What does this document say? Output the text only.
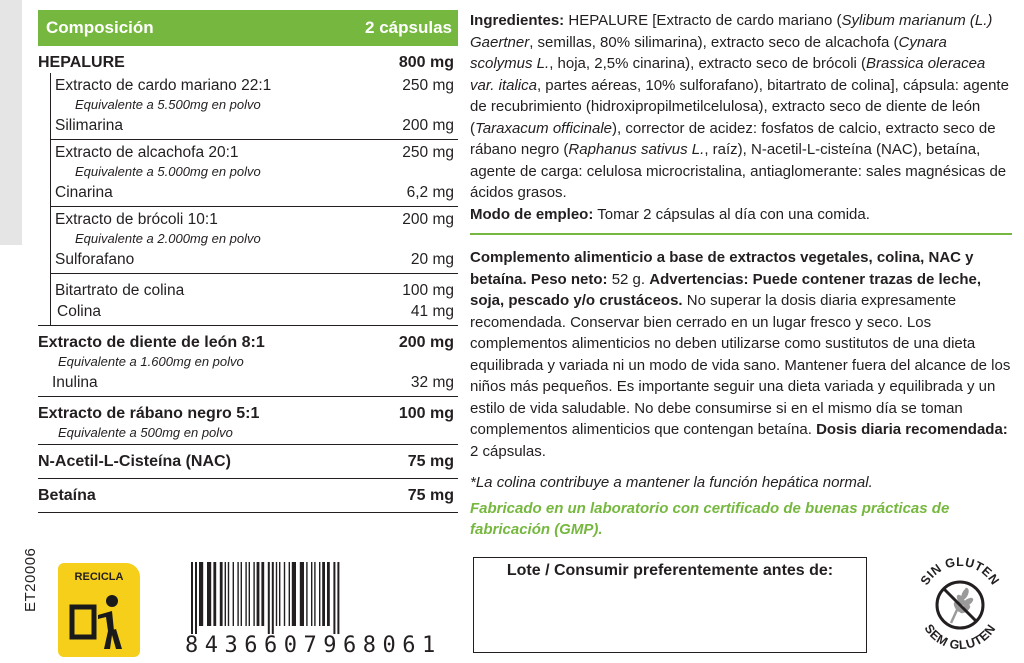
Composición	2 cápsulas
HEPALURE	800 mg
Extracto de cardo mariano 22:1	250 mg
Equivalente a 5.500mg en polvo
Silimarina	200 mg
Extracto de alcachofa 20:1	250 mg
Equivalente a 5.000mg en polvo
Cinarina	6,2 mg
Extracto de brócoli 10:1	200 mg
Equivalente a 2.000mg en polvo
Sulforafano	20 mg
Bitartrato de colina	100 mg
Colina	41 mg
Extracto de diente de león 8:1	200 mg
Equivalente a 1.600mg en polvo
Inulina	32 mg
Extracto de rábano negro 5:1	100 mg
Equivalente a 500mg en polvo
N-Acetil-L-Cisteína (NAC)	75 mg
Betaína	75 mg

Ingredientes: HEPALURE [Extracto de cardo mariano (Sylibum marianum (L.) Gaertner, semillas, 80% silimarina), extracto seco de alcachofa (Cynara scolymus L., hoja, 2,5% cinarina), extracto seco de brócoli (Brassica oleracea var. italica, partes aéreas, 10% sulforafano), bitartrato de colina], cápsula: agente de recubrimiento (hidroxipropilmetilcelulosa), extracto seco de diente de león (Taraxacum officinale), corrector de acidez: fosfatos de calcio, extracto seco de rábano negro (Raphanus sativus L., raíz), N-acetil-L-cisteína (NAC), betaína, agente de carga: celulosa microcristalina, antiaglomerante: sales magnésicas de ácidos grasos.

Modo de empleo: Tomar 2 cápsulas al día con una comida.

Complemento alimenticio a base de extractos vegetales, colina, NAC y betaína. Peso neto: 52 g. Advertencias: Puede contener trazas de leche, soja, pescado y/o crustáceos. No superar la dosis diaria expresamente recomendada. Conservar bien cerrado en un lugar fresco y seco. Los complementos alimenticios no deben utilizarse como sustitutos de una dieta equilibrada y variada ni un modo de vida sano. Mantener fuera del alcance de los niños más pequeños. Es importante seguir una dieta variada y equilibrada y un estilo de vida saludable. No debe consumirse si en el mismo día se toman complementos alimenticios que contengan betaína. Dosis diaria recomendada: 2 cápsulas.

*La colina contribuye a mantener la función hepática normal.

Fabricado en un laboratorio con certificado de buenas prácticas de fabricación (GMP).

Lote / Consumir preferentemente antes de:
ET20006	RECICLA
8436607968061
SIN GLUTEN
SEM GLUTEN
